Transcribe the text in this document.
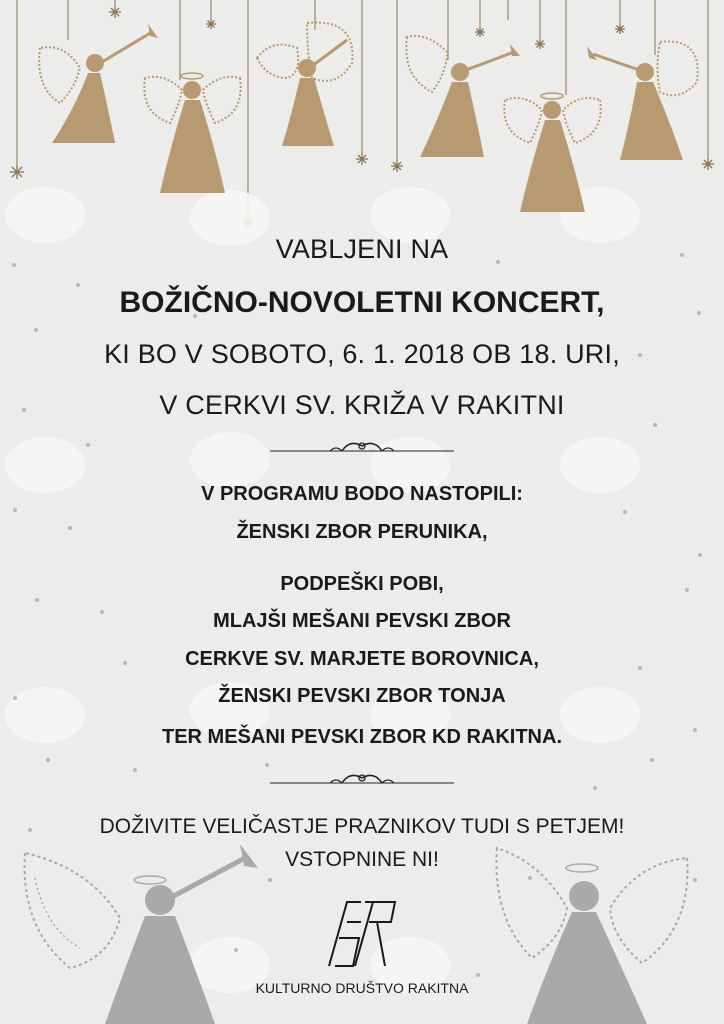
VABLJENI NA
BOŽIČNO-NOVOLETNI KONCERT,
KI BO V SOBOTO, 6. 1. 2018 OB 18. URI,
V CERKVI SV. KRIŽA V RAKITNI
V PROGRAMU BODO NASTOPILI:
ŽENSKI ZBOR PERUNIKA,
PODPEŠKI POBI,
MLAJŠI MEŠANI PEVSKI ZBOR
CERKVE SV. MARJETE BOROVNICA,
ŽENSKI PEVSKI ZBOR TONJA
TER MEŠANI PEVSKI ZBOR KD RAKITNA.
DOŽIVITE VELIČASTJE PRAZNIKOV TUDI S PETJEM!
VSTOPNINE NI!
KULTURNO DRUŠTVO RAKITNA
